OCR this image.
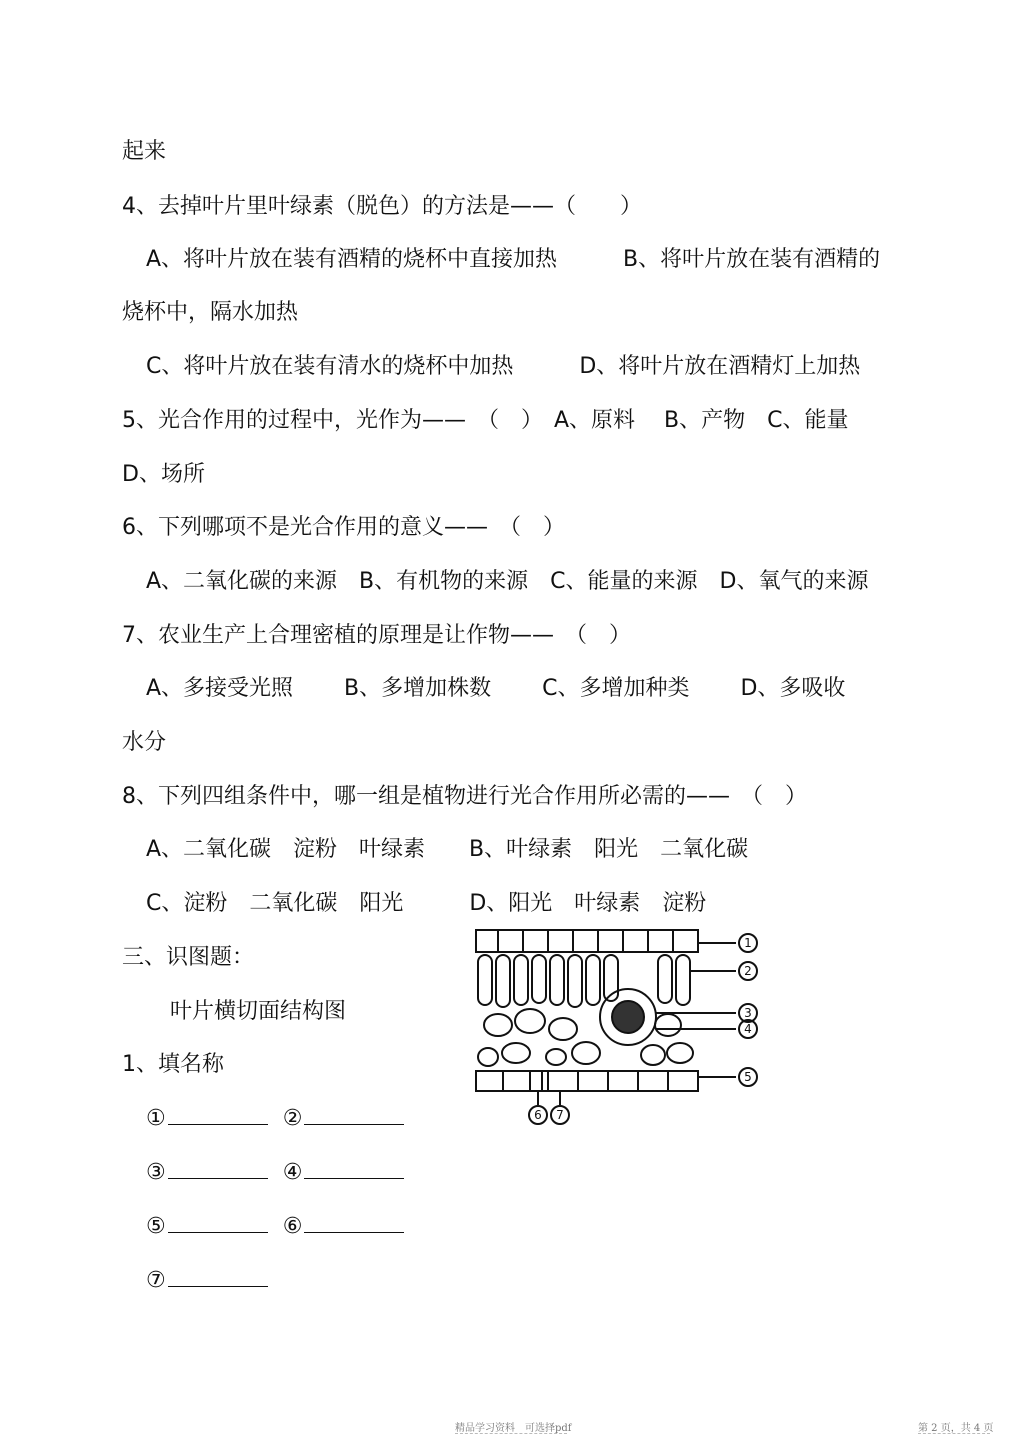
起来
4、去掉叶片里叶绿素（脱色）的方法是——（　　）
A、将叶片放在装有酒精的烧杯中直接加热　　　B、将叶片放在装有酒精的
烧杯中，隔水加热
C、将叶片放在装有清水的烧杯中加热　　　D、将叶片放在酒精灯上加热
5、光合作用的过程中，光作为——　（　）　A、原料　 B、产物　C、能量
D、场所
6、下列哪项不是光合作用的意义——　（　）
A、二氧化碳的来源　B、有机物的来源　C、能量的来源　D、氧气的来源
7、农业生产上合理密植的原理是让作物——　（　）
A、多接受光照　　 B、多增加株数　　 C、多增加种类　　 D、多吸收
水分
8、下列四组条件中，哪一组是植物进行光合作用所必需的——　（　）
A、二氧化碳　淀粉　叶绿素　　B、叶绿素　阳光　二氧化碳
C、淀粉　二氧化碳　阳光　　　D、阳光　叶绿素　淀粉
三、识图题：
叶片横切面结构图
1、填名称
①	②
③	④
⑤	⑥
⑦
1
2
3
4
5
6 7
精品学习资料　可选择pdf	第 2 页，共 4 页
